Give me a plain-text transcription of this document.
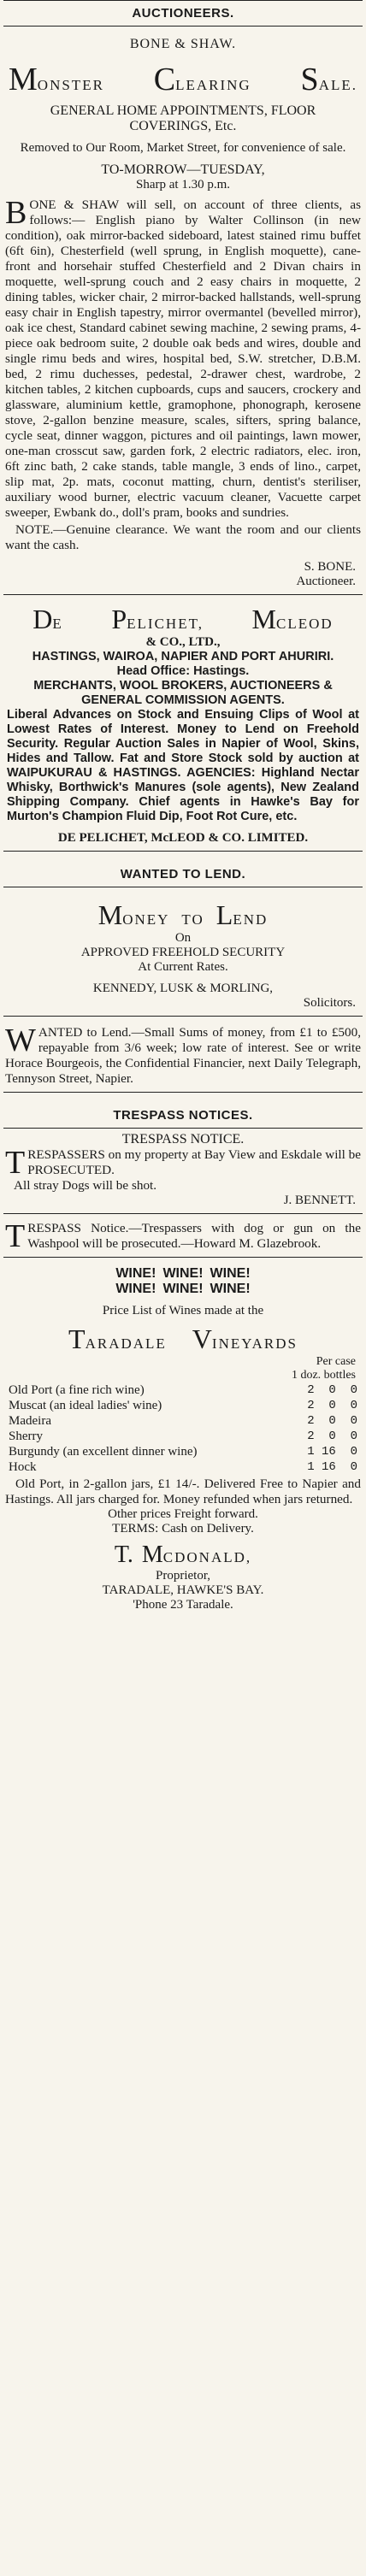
AUCTIONEERS.
BONE & SHAW.
MONSTER CLEARING SALE.
GENERAL HOME APPOINTMENTS, FLOOR COVERINGS, Etc.
Removed to Our Room, Market Street, for convenience of sale.
TO-MORROW—TUESDAY,
Sharp at 1.30 p.m.
BONE & SHAW will sell, on account of three clients, as follows:— English piano by Walter Collinson (in new condition), oak mirror-backed sideboard, latest stained rimu buffet (6ft 6in), Chesterfield (well sprung, in English moquette), cane-front and horsehair stuffed Chesterfield and 2 Divan chairs in moquette, well-sprung couch and 2 easy chairs in moquette, 2 dining tables, wicker chair, 2 mirror-backed hallstands, well-sprung easy chair in English tapestry, mirror overmantel (bevelled mirror), oak ice chest, Standard cabinet sewing machine, 2 sewing prams, 4-piece oak bedroom suite, 2 double oak beds and wires, double and single rimu beds and wires, hospital bed, S.W. stretcher, D.B.M. bed, 2 rimu duchesses, pedestal, 2-drawer chest, wardrobe, 2 kitchen tables, 2 kitchen cupboards, cups and saucers, crockery and glassware, aluminium kettle, gramophone, phonograph, kerosene stove, 2-gallon benzine measure, scales, sifters, spring balance, cycle seat, dinner waggon, pictures and oil paintings, lawn mower, one-man crosscut saw, garden fork, 2 electric radiators, elec. iron, 6ft zinc bath, 2 cake stands, table mangle, 3 ends of lino., carpet, slip mat, 2p. mats, coconut matting, churn, dentist's steriliser, auxiliary wood burner, electric vacuum cleaner, Vacuette carpet sweeper, Ewbank do., doll's pram, books and sundries.
NOTE.—Genuine clearance. We want the room and our clients want the cash.
S. BONE.
Auctioneer.
DE PELICHET, MCLEOD
& CO., LTD.,
HASTINGS, WAIROA, NAPIER AND PORT AHURIRI.
Head Office: Hastings.
MERCHANTS, WOOL BROKERS, AUCTIONEERS & GENERAL COMMISSION AGENTS.
Liberal Advances on Stock and Ensuing Clips of Wool at Lowest Rates of Interest. Money to Lend on Freehold Security. Regular Auction Sales in Napier of Wool, Skins, Hides and Tallow. Fat and Store Stock sold by auction at WAIPUKURAU & HASTINGS. AGENCIES: Highland Nectar Whisky, Borthwick's Manures (sole agents), New Zealand Shipping Company. Chief agents in Hawke's Bay for Murton's Champion Fluid Dip, Foot Rot Cure, etc.
DE PELICHET, McLEOD & CO. LIMITED.
WANTED TO LEND.
MONEY TO LEND
On
APPROVED FREEHOLD SECURITY
At Current Rates.
KENNEDY, LUSK & MORLING,
Solicitors.
WANTED to Lend.—Small Sums of money, from £1 to £500, repayable from 3/6 week; low rate of interest. See or write Horace Bourgeois, the Confidential Financier, next Daily Telegraph, Tennyson Street, Napier.
TRESPASS NOTICES.
TRESPASS NOTICE.
TRESPASSERS on my property at Bay View and Eskdale will be PROSECUTED.
All stray Dogs will be shot.
J. BENNETT.
TRESPASS Notice.—Trespassers with dog or gun on the Washpool will be prosecuted.—Howard M. Glazebrook.
WINE! WINE! WINE!
WINE! WINE! WINE!
Price List of Wines made at the
TARADALE VINEYARDS
Per case
1 doz. bottles
Old Port (a fine rich wine)	2  0  0
Muscat (an ideal ladies' wine)	2  0  0
Madeira	2  0  0
Sherry	2  0  0
Burgundy (an excellent dinner wine)	1 16  0
Hock	1 16  0
Old Port, in 2-gallon jars, £1 14/-. Delivered Free to Napier and Hastings. All jars charged for. Money refunded when jars returned.
Other prices Freight forward.
TERMS: Cash on Delivery.
T. MCDONALD,
Proprietor,
TARADALE, HAWKE'S BAY.
'Phone 23 Taradale.
